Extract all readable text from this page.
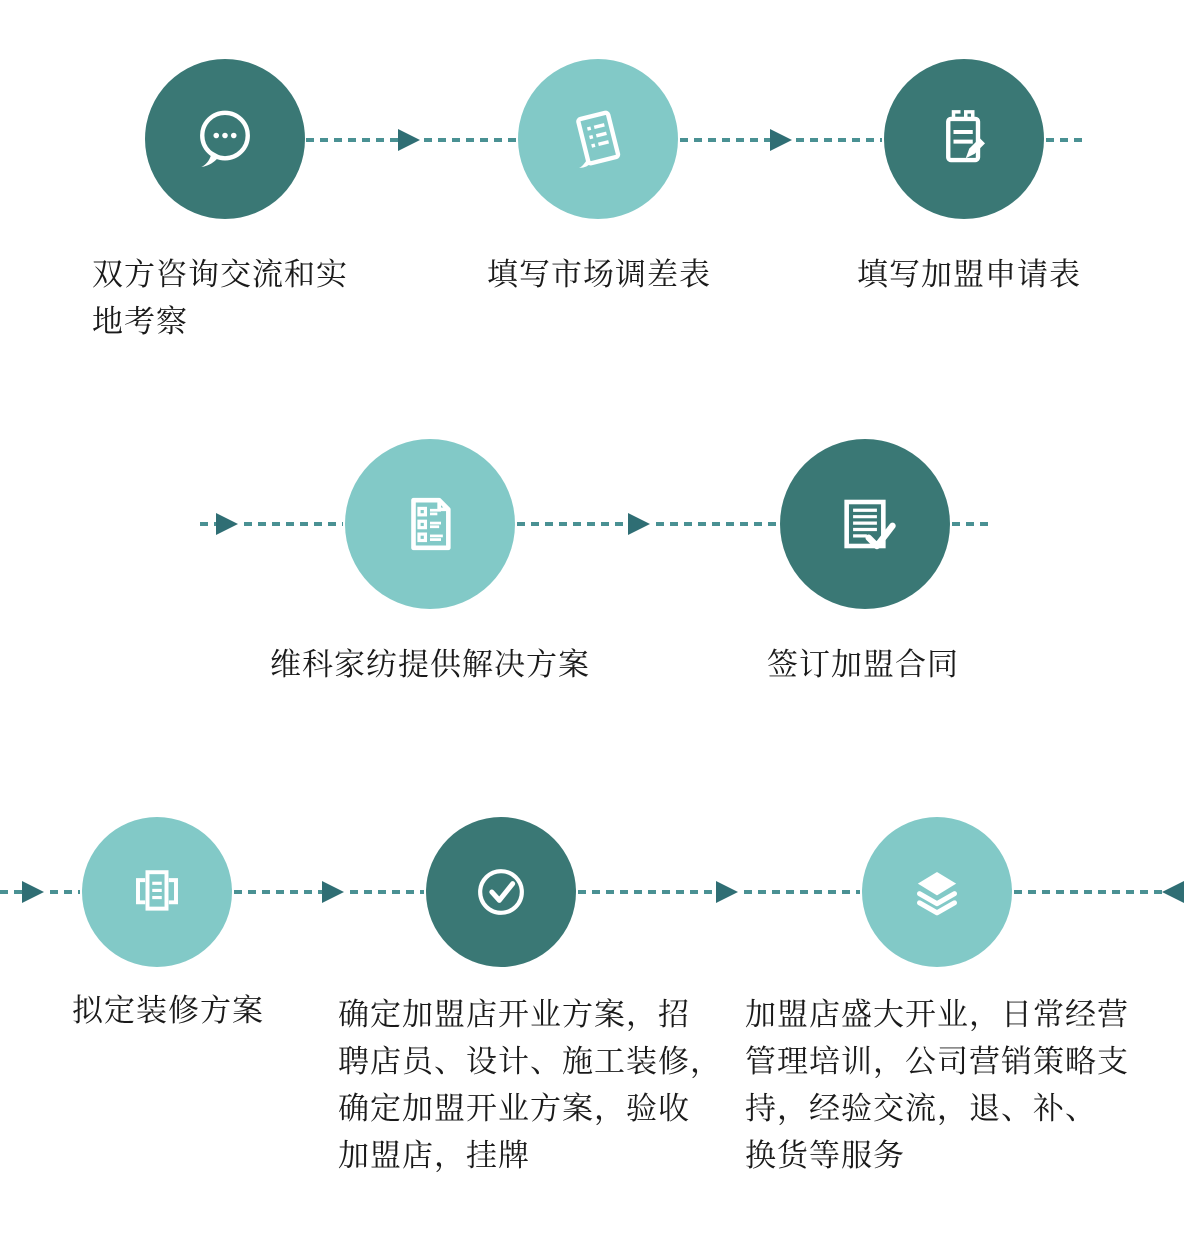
双方咨询交流和实
地考察
填写市场调差表	填写加盟申请表
维科家纺提供解决方案	签订加盟合同
拟定装修方案 确定加盟店开业方案，招
聘店员、设计、施工装修，
确定加盟开业方案，验收
加盟店，挂牌
加盟店盛大开业，日常经营
管理培训，公司营销策略支
持，经验交流，退、补、
换货等服务
